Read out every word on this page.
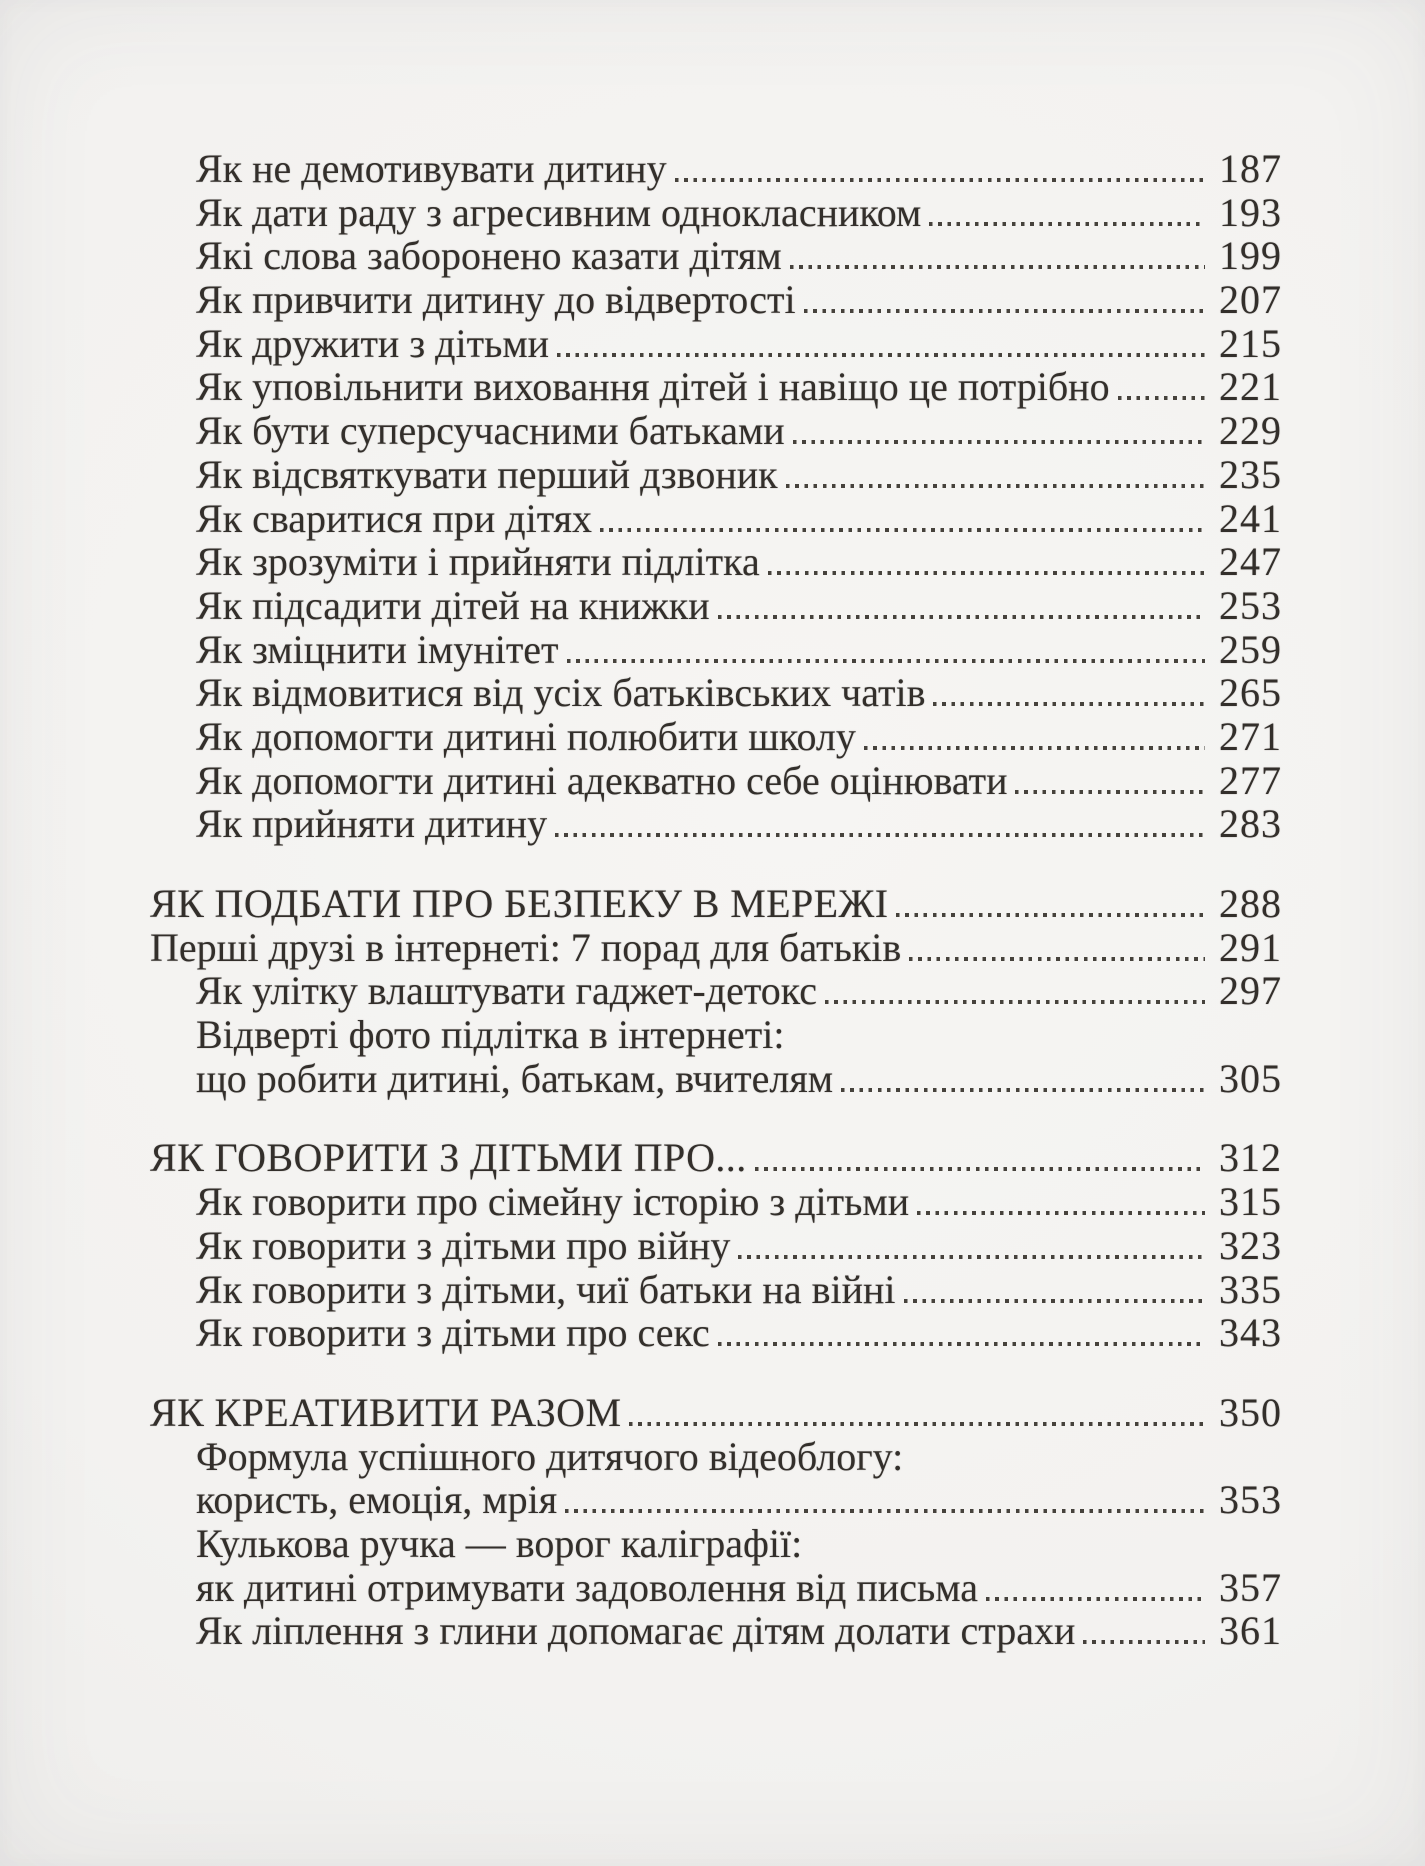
Як не демотивувати дитину	187
Як дати раду з агресивним однокласником	193
Які слова заборонено казати дітям	199
Як привчити дитину до відвертості	207
Як дружити з дітьми	215
Як уповільнити виховання дітей і навіщо це потрібно	221
Як бути суперсучасними батьками	229
Як відсвяткувати перший дзвоник	235
Як сваритися при дітях	241
Як зрозуміти і прийняти підлітка	247
Як підсадити дітей на книжки	253
Як зміцнити імунітет	259
Як відмовитися від усіх батьківських чатів	265
Як допомогти дитині полюбити школу	271
Як допомогти дитині адекватно себе оцінювати	277
Як прийняти дитину	283
ЯК ПОДБАТИ ПРО БЕЗПЕКУ В МЕРЕЖІ	288
Перші друзі в інтернеті: 7 порад для батьків	291
Як улітку влаштувати гаджет-детокс	297
Відверті фото підлітка в інтернеті:
що робити дитині, батькам, вчителям	305
ЯК ГОВОРИТИ З ДІТЬМИ ПРО...	312
Як говорити про сімейну історію з дітьми	315
Як говорити з дітьми про війну	323
Як говорити з дітьми, чиї батьки на війні	335
Як говорити з дітьми про секс	343
ЯК КРЕАТИВИТИ РАЗОМ	350
Формула успішного дитячого відеоблогу:
користь, емоція, мрія	353
Кулькова ручка — ворог каліграфії:
як дитині отримувати задоволення від письма	357
Як ліплення з глини допомагає дітям долати страхи	361
